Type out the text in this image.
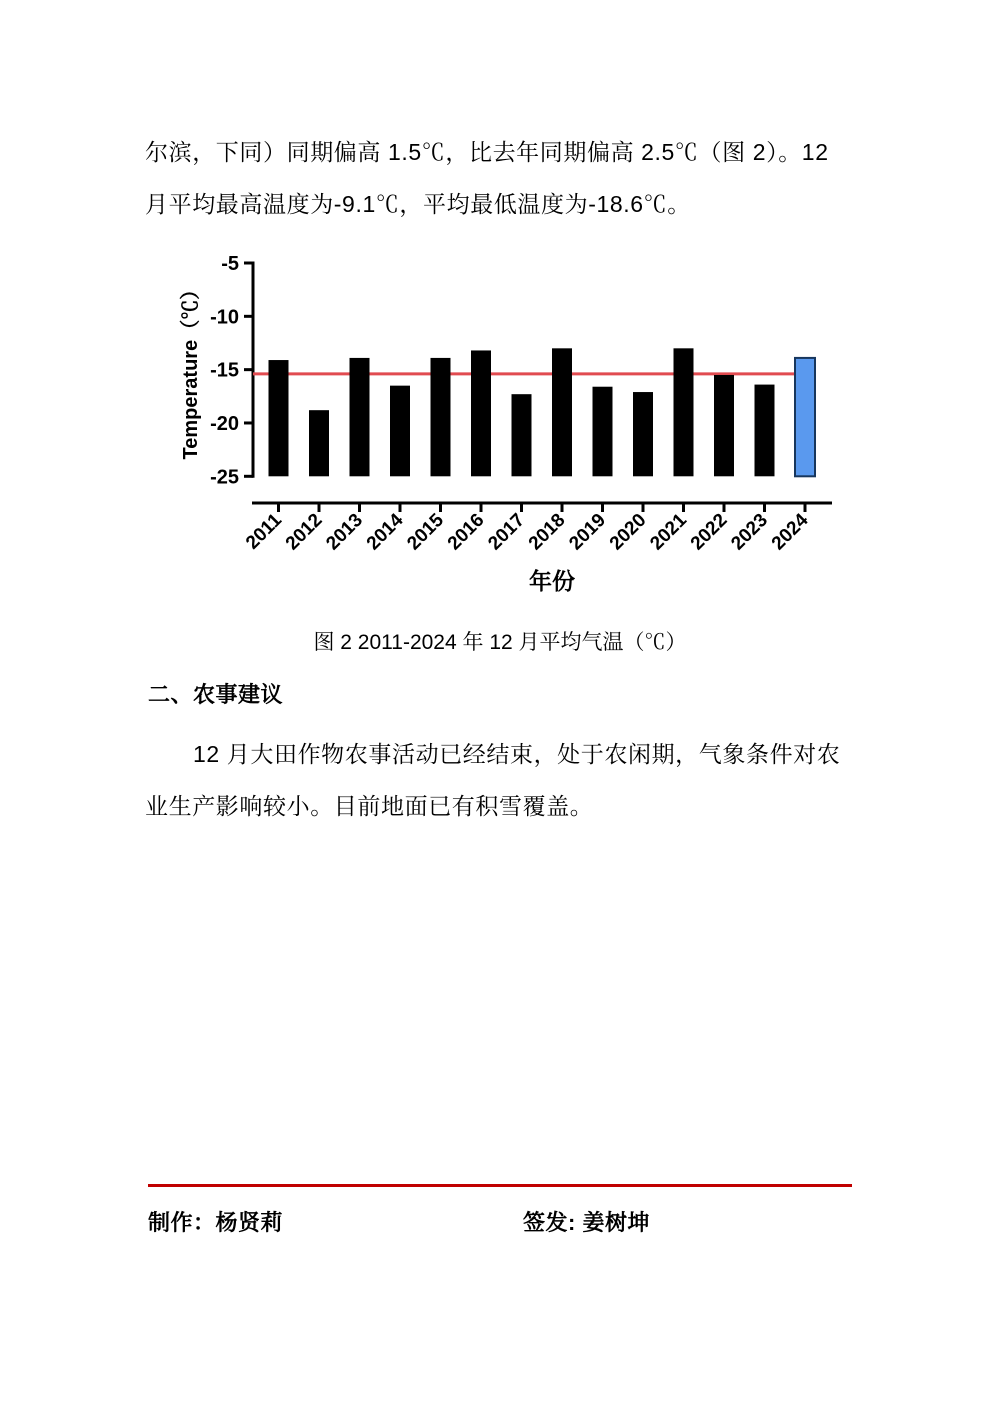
尔滨，下同）同期偏高 1.5℃，比去年同期偏高 2.5℃（图 2）。12
月平均最高温度为-9.1℃，平均最低温度为-18.6℃。
-5
-10
-15
-20
-25
Temperature（℃）
2011
2012
2013
2014
2015
2016
2017
2018
2019
2020
2021
2022
2023
2024
年份
图 2 2011-2024 年 12 月平均气温（℃）
二、农事建议
12 月大田作物农事活动已经结束，处于农闲期，气象条件对农
业生产影响较小。目前地面已有积雪覆盖。
制作：杨贤莉	签发: 姜树坤
